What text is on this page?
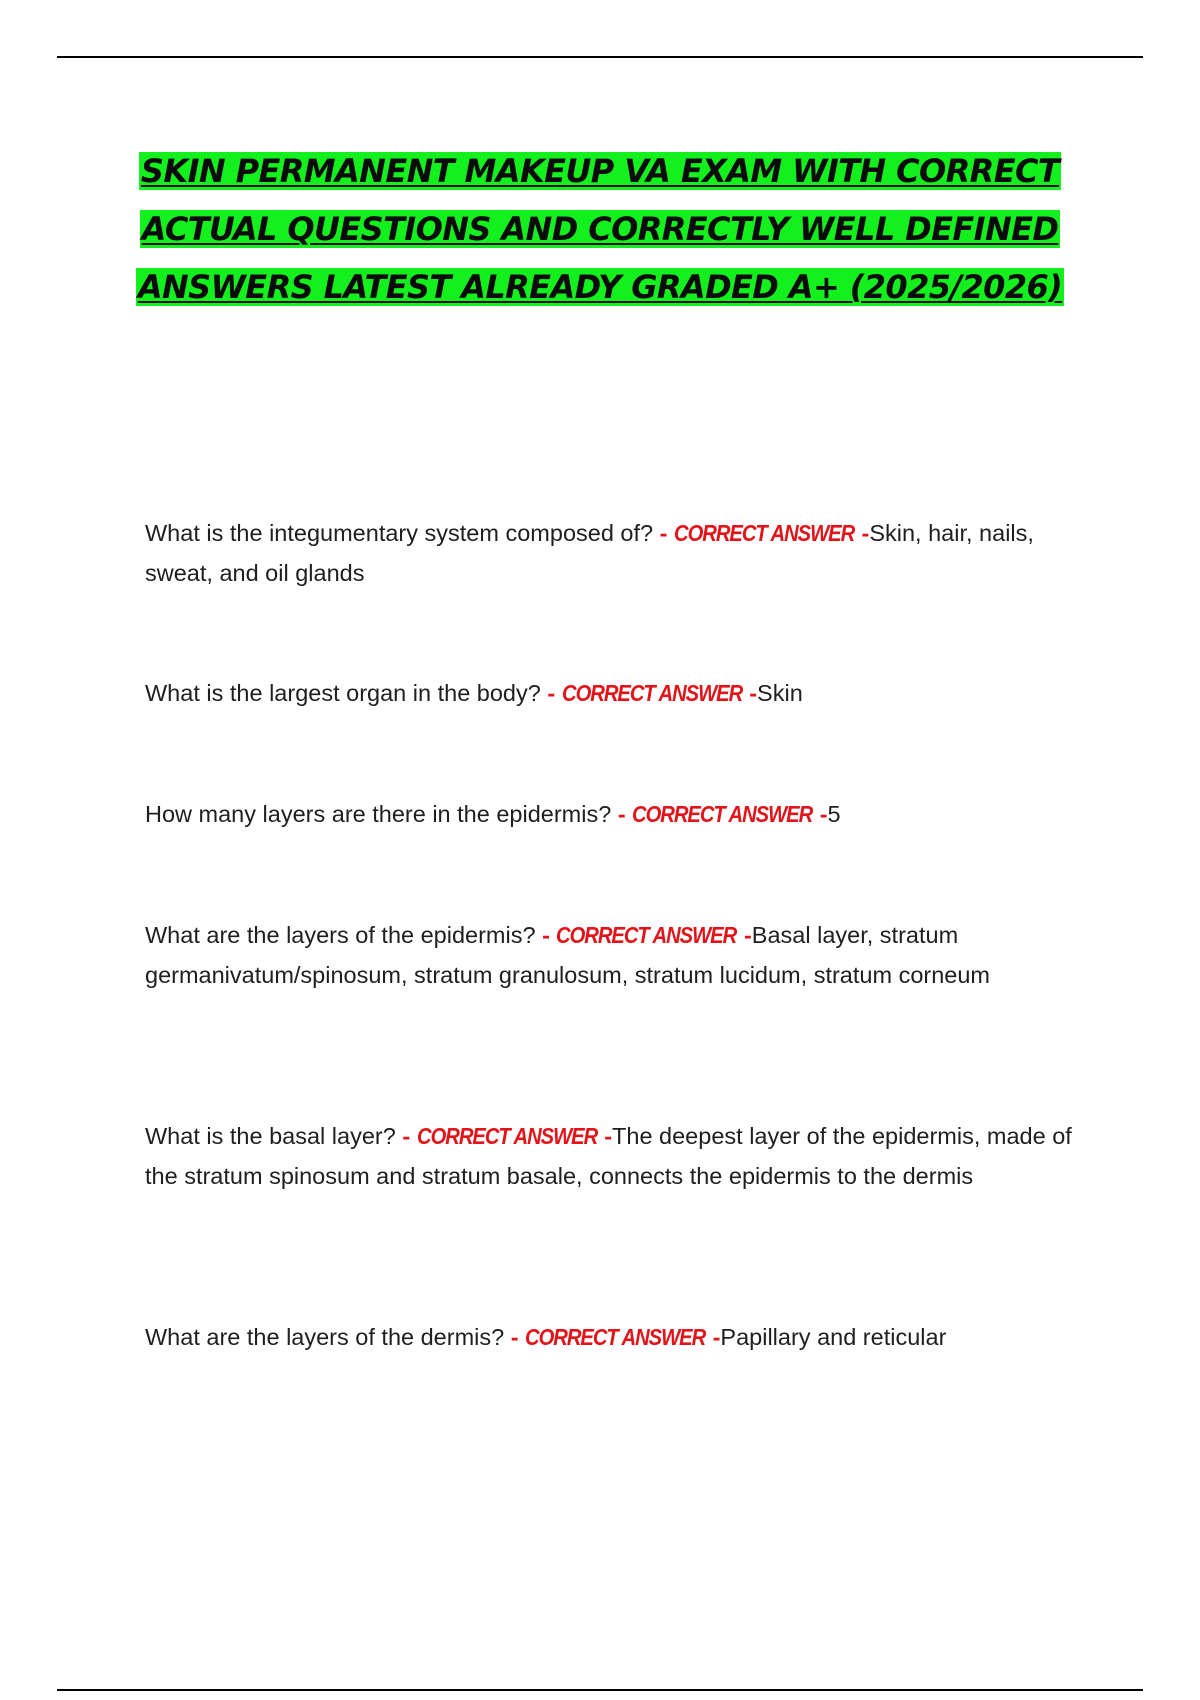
SKIN PERMANENT MAKEUP VA EXAM WITH CORRECT
ACTUAL QUESTIONS AND CORRECTLY WELL DEFINED
ANSWERS LATEST ALREADY GRADED A+ (2025/2026)
What is the integumentary system composed of? - CORRECT ANSWER -Skin, hair, nails, sweat, and oil glands
What is the largest organ in the body? - CORRECT ANSWER -Skin
How many layers are there in the epidermis? - CORRECT ANSWER -5
What are the layers of the epidermis? - CORRECT ANSWER -Basal layer, stratum germanivatum/spinosum, stratum granulosum, stratum lucidum, stratum corneum
What is the basal layer? - CORRECT ANSWER -The deepest layer of the epidermis, made of the stratum spinosum and stratum basale, connects the epidermis to the dermis
What are the layers of the dermis? - CORRECT ANSWER -Papillary and reticular
